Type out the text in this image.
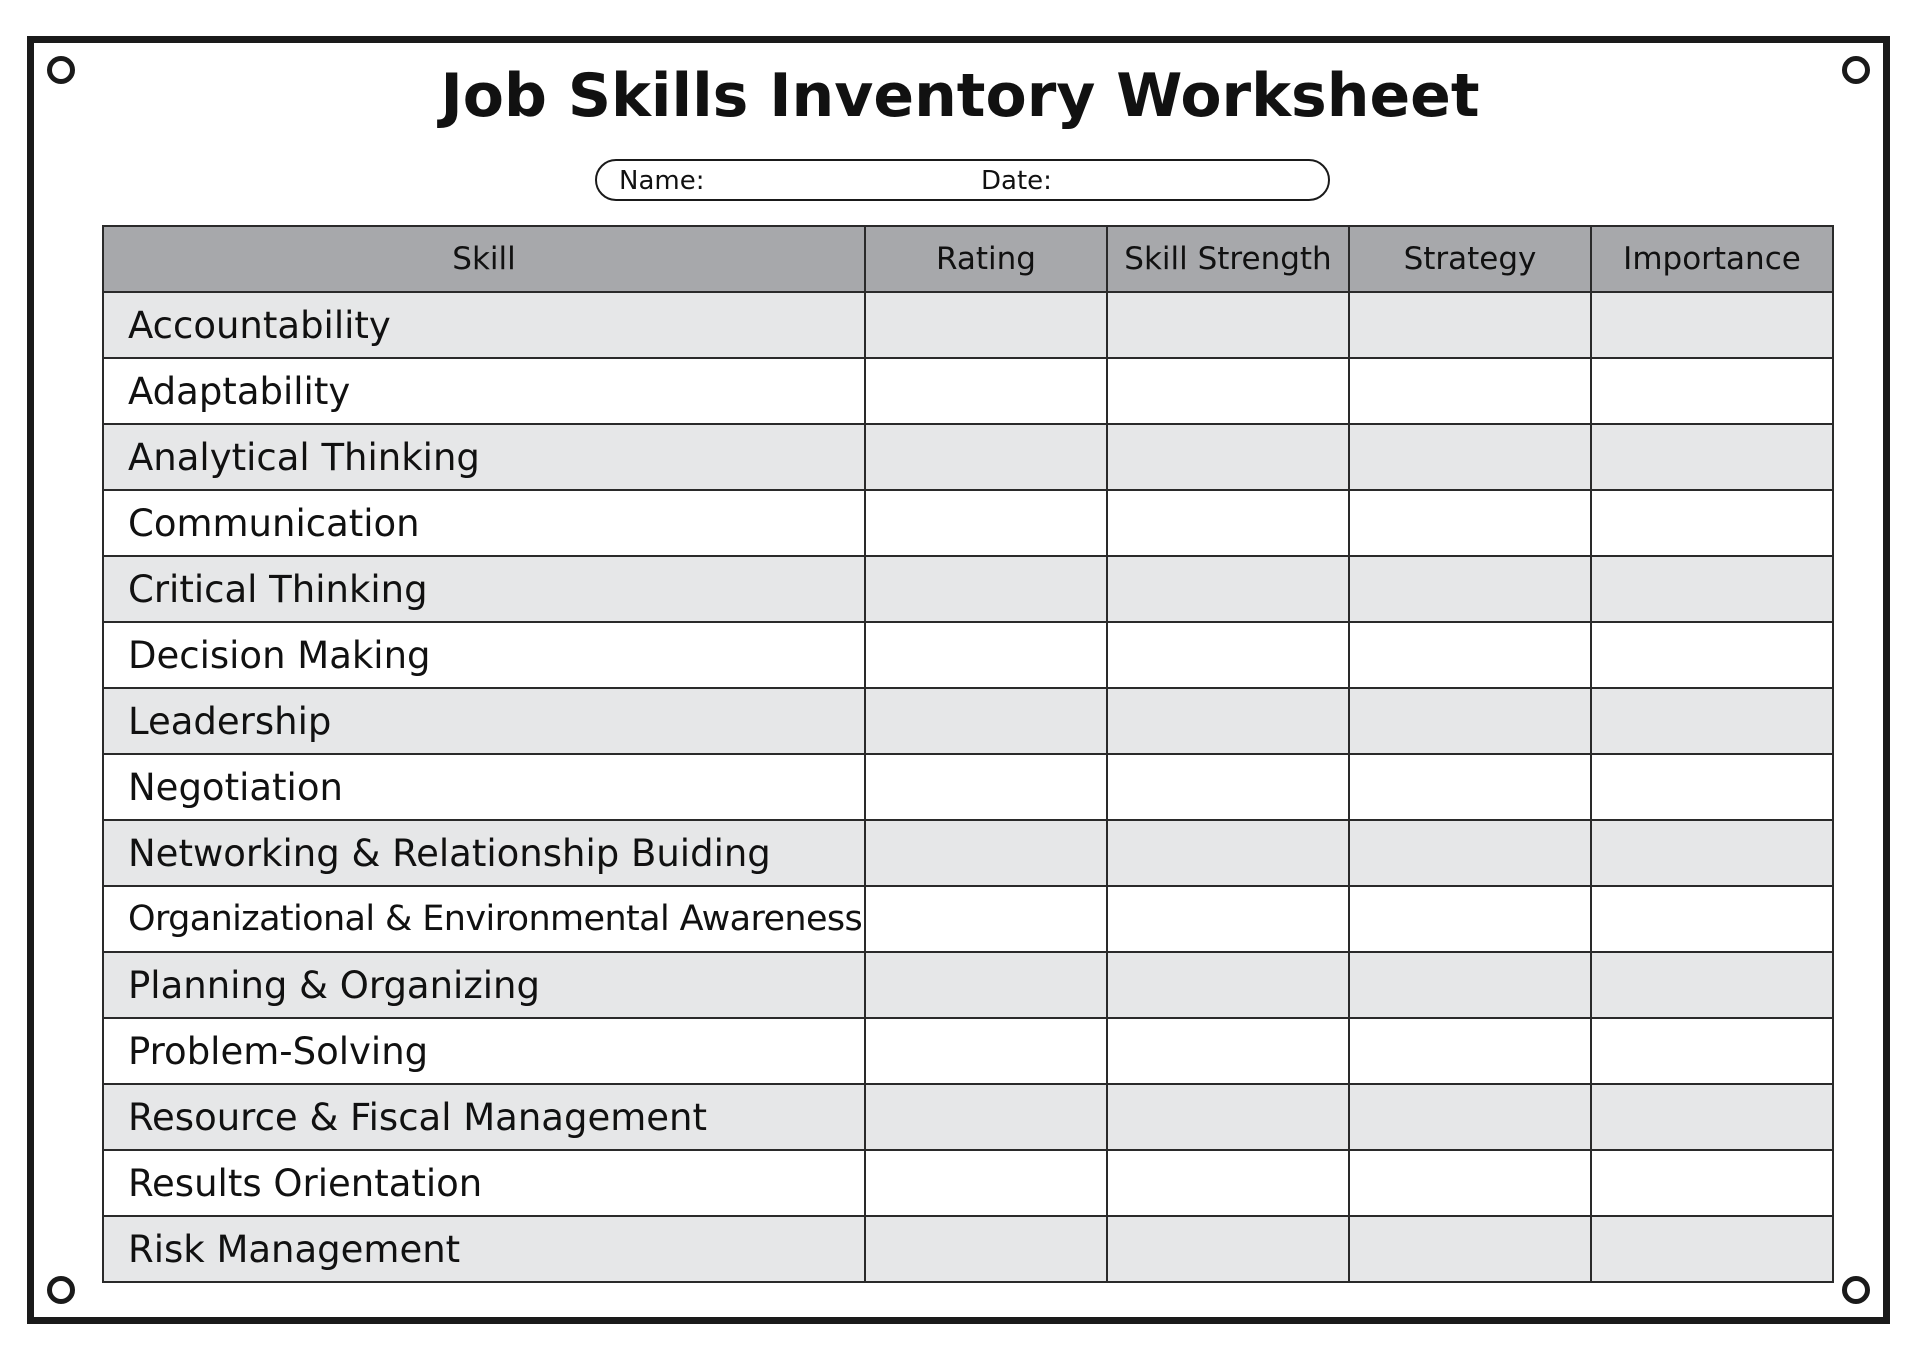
Job Skills Inventory Worksheet
Name:	Date:
Skill	Rating	Skill Strength	Strategy	Importance
Accountability				
Adaptability				
Analytical Thinking				
Communication				
Critical Thinking				
Decision Making				
Leadership				
Negotiation				
Networking & Relationship Buiding				
Organizational & Environmental Awareness				
Planning & Organizing				
Problem-Solving				
Resource & Fiscal Management				
Results Orientation				
Risk Management				
